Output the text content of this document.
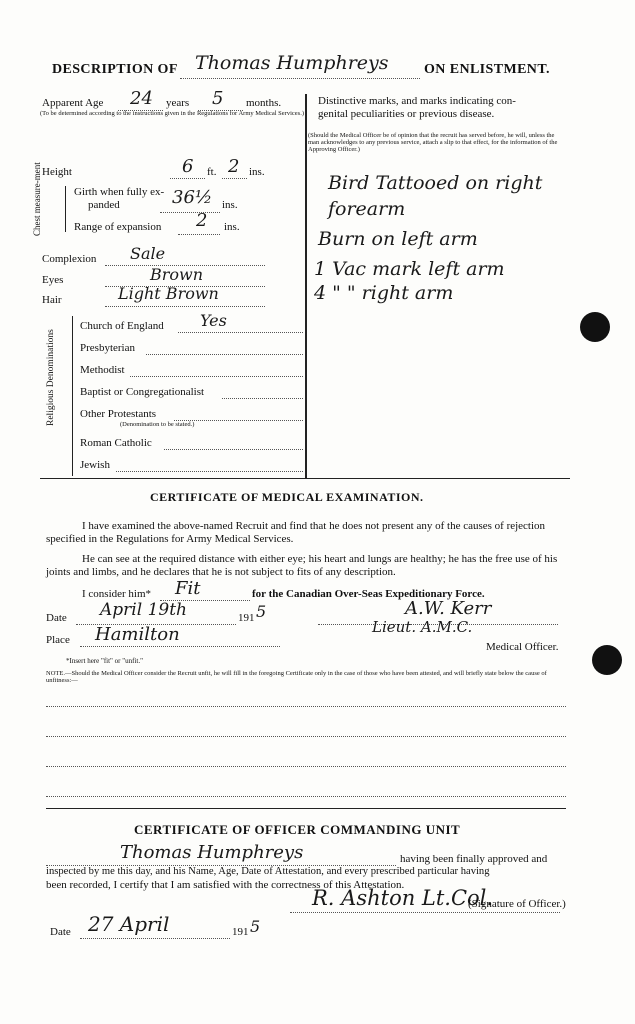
DESCRIPTION OF Thomas Humphreys	ON ENLISTMENT.
Apparent Age 24 years 5 months.
(To be determined according to the instructions given in the Regulations for Army Medical Services.)
Height	6 ft. 2 ins.
Chest measure-ment	Girth when fully ex-
panded	36½ ins.
Range of expansion 2 ins.
Complexion Sale
Eyes	Brown
Hair	Light Brown
Religious Denominations
Church of England Yes
Presbyterian
Methodist
Baptist or Congregationalist
Other Protestants
(Denomination to be stated.)
Roman Catholic
Jewish
Distinctive marks, and marks indicating con-
genital peculiarities or previous disease.
(Should the Medical Officer be of opinion that the recruit has served before, he will, unless the man acknowledges to any previous service, attach a slip to that effect, for the information of the Approving Officer.)
Bird Tattooed on right
forearm
Burn on left arm
1 Vac mark left arm
4 " " right arm
CERTIFICATE OF MEDICAL EXAMINATION.
I have examined the above-named Recruit and find that he does not present any of the causes of rejection specified in the Regulations for Army Medical Services.
He can see at the required distance with either eye; his heart and lungs are healthy; he has the free use of his joints and limbs, and he declares that he is not subject to fits of any description.
I consider him* Fit	for the Canadian Over-Seas Expeditionary Force.
Date April 19th	191 5	A.W. Kerr
Place Hamilton	Lieut. A.M.C.
Medical Officer.
*Insert here "fit" or "unfit."
NOTE.—Should the Medical Officer consider the Recruit unfit, he will fill in the foregoing Certificate only in the case of those who have been attested, and will briefly state below the cause of unfitness:—
CERTIFICATE OF OFFICER COMMANDING UNIT
Thomas Humphreys	having been finally approved and
inspected by me this day, and his Name, Age, Date of Attestation, and every prescribed particular having
been recorded, I certify that I am satisfied with the correctness of this Attestation.
R. Ashton Lt.Col.
(Signature of Officer.)
Date 27 April	191 5
